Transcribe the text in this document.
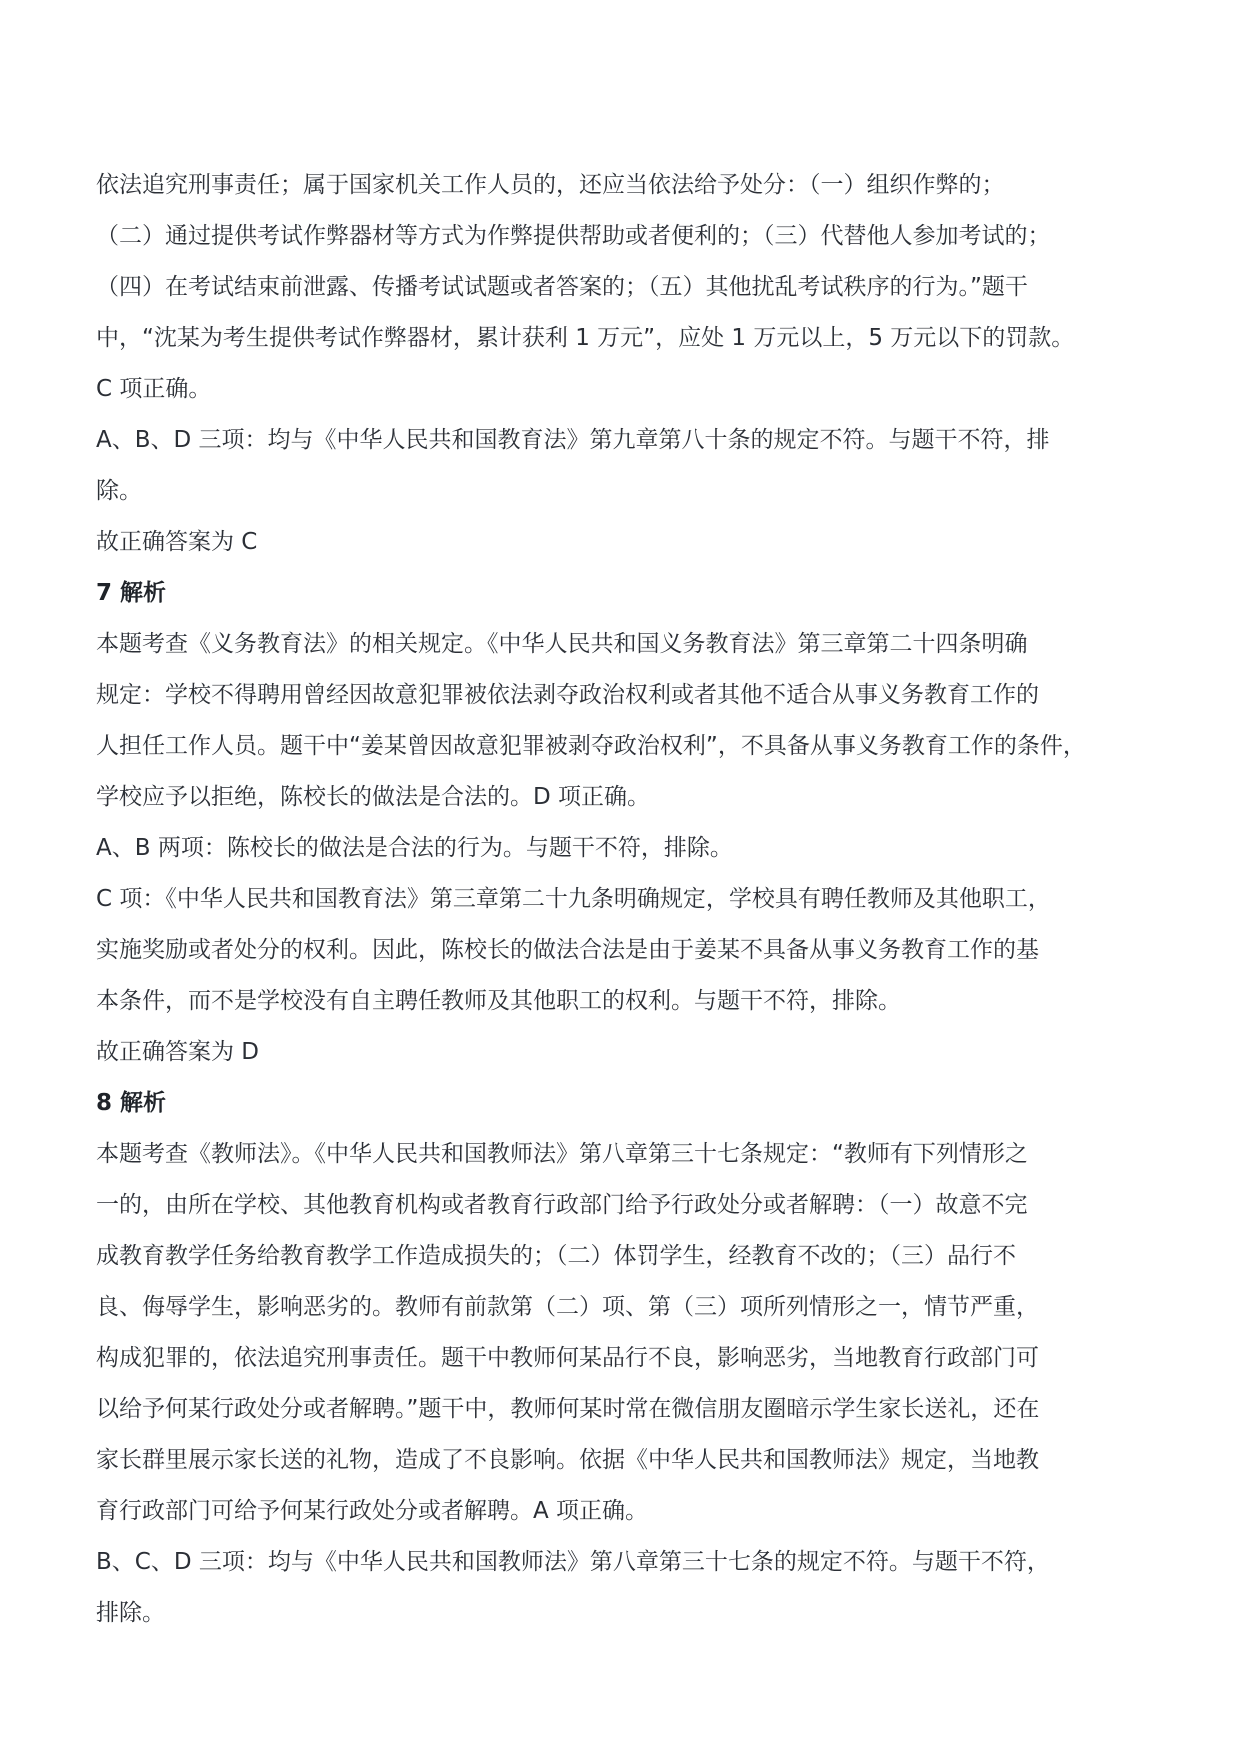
依法追究刑事责任；属于国家机关工作人员的，还应当依法给予处分：（一）组织作弊的；
（二）通过提供考试作弊器材等方式为作弊提供帮助或者便利的；（三）代替他人参加考试的；
（四）在考试结束前泄露、传播考试试题或者答案的；（五）其他扰乱考试秩序的行为。”题干
中，“沈某为考生提供考试作弊器材，累计获利 1 万元”，应处 1 万元以上，5 万元以下的罚款。
C 项正确。
A、B、D 三项：均与《中华人民共和国教育法》第九章第八十条的规定不符。与题干不符，排
除。
故正确答案为 C
7 解析
本题考查《义务教育法》的相关规定。《中华人民共和国义务教育法》第三章第二十四条明确
规定：学校不得聘用曾经因故意犯罪被依法剥夺政治权利或者其他不适合从事义务教育工作的
人担任工作人员。题干中“姜某曾因故意犯罪被剥夺政治权利”，不具备从事义务教育工作的条件，
学校应予以拒绝，陈校长的做法是合法的。D 项正确。
A、B 两项：陈校长的做法是合法的行为。与题干不符，排除。
C 项：《中华人民共和国教育法》第三章第二十九条明确规定，学校具有聘任教师及其他职工，
实施奖励或者处分的权利。因此，陈校长的做法合法是由于姜某不具备从事义务教育工作的基
本条件，而不是学校没有自主聘任教师及其他职工的权利。与题干不符，排除。
故正确答案为 D
8 解析
本题考查《教师法》。《中华人民共和国教师法》第八章第三十七条规定：“教师有下列情形之
一的，由所在学校、其他教育机构或者教育行政部门给予行政处分或者解聘：（一）故意不完
成教育教学任务给教育教学工作造成损失的；（二）体罚学生，经教育不改的；（三）品行不
良、侮辱学生，影响恶劣的。教师有前款第（二）项、第（三）项所列情形之一，情节严重，
构成犯罪的，依法追究刑事责任。题干中教师何某品行不良，影响恶劣，当地教育行政部门可
以给予何某行政处分或者解聘。”题干中，教师何某时常在微信朋友圈暗示学生家长送礼，还在
家长群里展示家长送的礼物，造成了不良影响。依据《中华人民共和国教师法》规定，当地教
育行政部门可给予何某行政处分或者解聘。A 项正确。
B、C、D 三项：均与《中华人民共和国教师法》第八章第三十七条的规定不符。与题干不符，
排除。
